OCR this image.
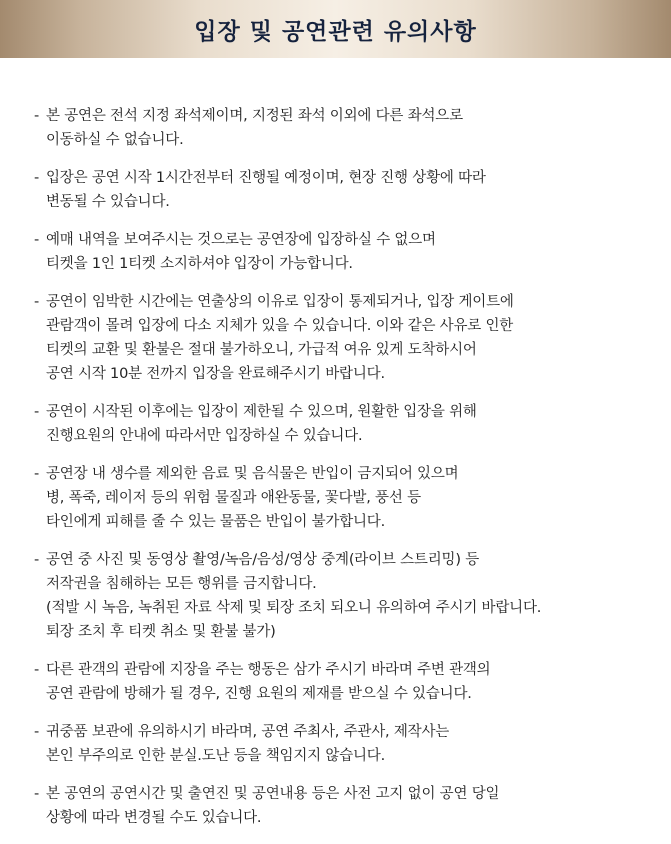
입장 및 공연관련 유의사항
- 본 공연은 전석 지정 좌석제이며, 지정된 좌석 이외에 다른 좌석으로
이동하실 수 없습니다.
- 입장은 공연 시작 1시간전부터 진행될 예정이며, 현장 진행 상황에 따라
변동될 수 있습니다.
- 예매 내역을 보여주시는 것으로는 공연장에 입장하실 수 없으며
티켓을 1인 1티켓 소지하셔야 입장이 가능합니다.
- 공연이 임박한 시간에는 연출상의 이유로 입장이 통제되거나, 입장 게이트에
관람객이 몰려 입장에 다소 지체가 있을 수 있습니다. 이와 같은 사유로 인한
티켓의 교환 및 환불은 절대 불가하오니, 가급적 여유 있게 도착하시어
공연 시작 10분 전까지 입장을 완료해주시기 바랍니다.
- 공연이 시작된 이후에는 입장이 제한될 수 있으며, 원활한 입장을 위해
진행요원의 안내에 따라서만 입장하실 수 있습니다.
- 공연장 내 생수를 제외한 음료 및 음식물은 반입이 금지되어 있으며
병, 폭죽, 레이저 등의 위험 물질과 애완동물, 꽃다발, 풍선 등
타인에게 피해를 줄 수 있는 물품은 반입이 불가합니다.
- 공연 중 사진 및 동영상 촬영/녹음/음성/영상 중계(라이브 스트리밍) 등
저작권을 침해하는 모든 행위를 금지합니다.
(적발 시 녹음, 녹취된 자료 삭제 및 퇴장 조치 되오니 유의하여 주시기 바랍니다.
퇴장 조치 후 티켓 취소 및 환불 불가)
- 다른 관객의 관람에 지장을 주는 행동은 삼가 주시기 바라며 주변 관객의
공연 관람에 방해가 될 경우, 진행 요원의 제재를 받으실 수 있습니다.
- 귀중품 보관에 유의하시기 바라며, 공연 주최사, 주관사, 제작사는
본인 부주의로 인한 분실.도난 등을 책임지지 않습니다.
- 본 공연의 공연시간 및 출연진 및 공연내용 등은 사전 고지 없이 공연 당일
상황에 따라 변경될 수도 있습니다.
